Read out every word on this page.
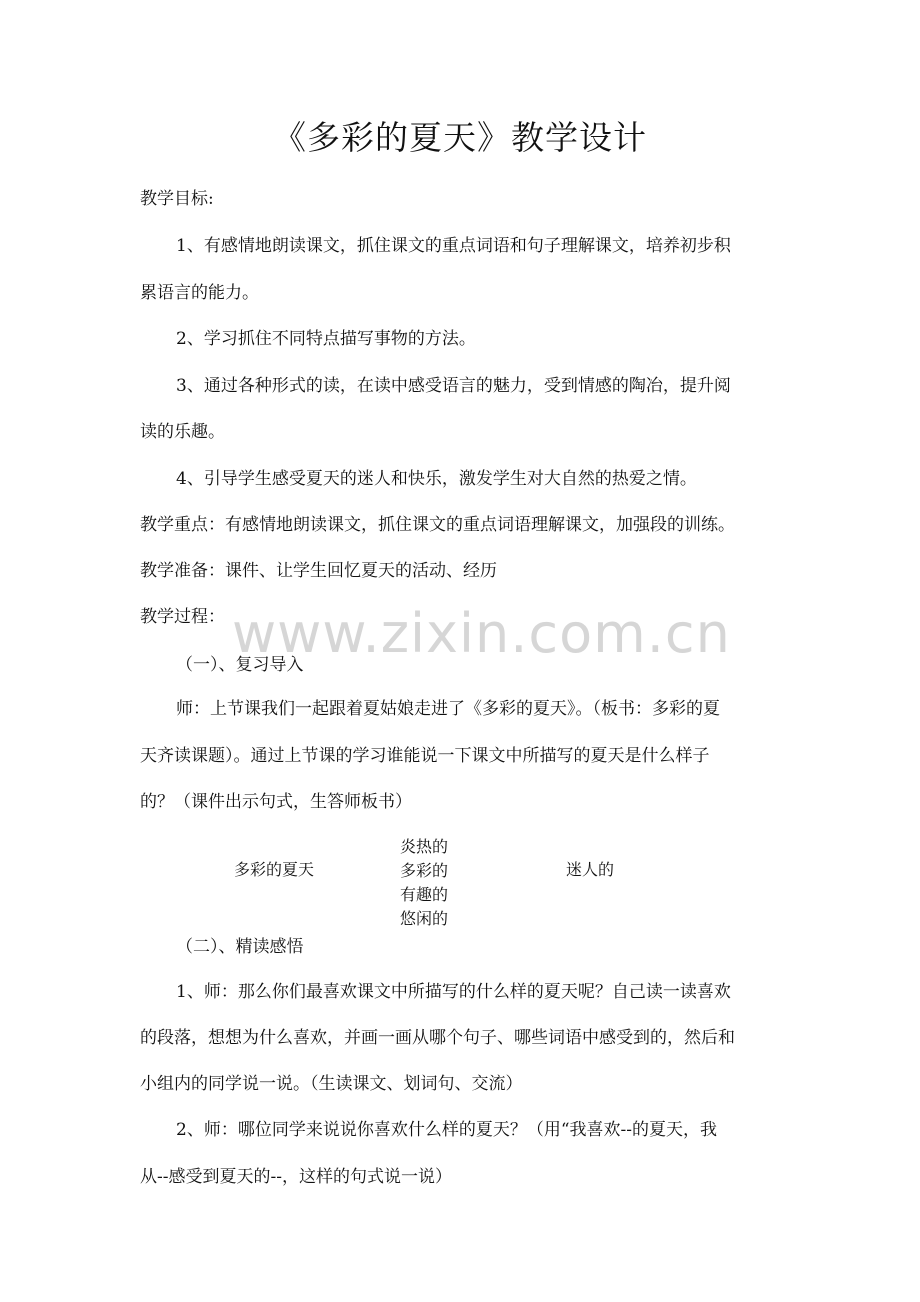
www.zixin.com.cn
《多彩的夏天》教学设计
教学目标:
1、有感情地朗读课文，抓住课文的重点词语和句子理解课文，培养初步积
累语言的能力。
2、学习抓住不同特点描写事物的方法。
3、通过各种形式的读，在读中感受语言的魅力，受到情感的陶冶，提升阅
读的乐趣。
4、引导学生感受夏天的迷人和快乐，激发学生对大自然的热爱之情。
教学重点：有感情地朗读课文，抓住课文的重点词语理解课文，加强段的训练。
教学准备：课件、让学生回忆夏天的活动、经历
教学过程：
（一）、复习导入
师：上节课我们一起跟着夏姑娘走进了《多彩的夏天》。（板书：多彩的夏
天齐读课题）。通过上节课的学习谁能说一下课文中所描写的夏天是什么样子
的？（课件出示句式，生答师板书）
多彩的夏天
炎热的
多彩的
有趣的
悠闲的
迷人的
（二）、精读感悟
1、师：那么你们最喜欢课文中所描写的什么样的夏天呢？自己读一读喜欢
的段落，想想为什么喜欢，并画一画从哪个句子、哪些词语中感受到的，然后和
小组内的同学说一说。（生读课文、划词句、交流）
2、师：哪位同学来说说你喜欢什么样的夏天？（用“我喜欢--的夏天，我
从--感受到夏天的--，这样的句式说一说）
